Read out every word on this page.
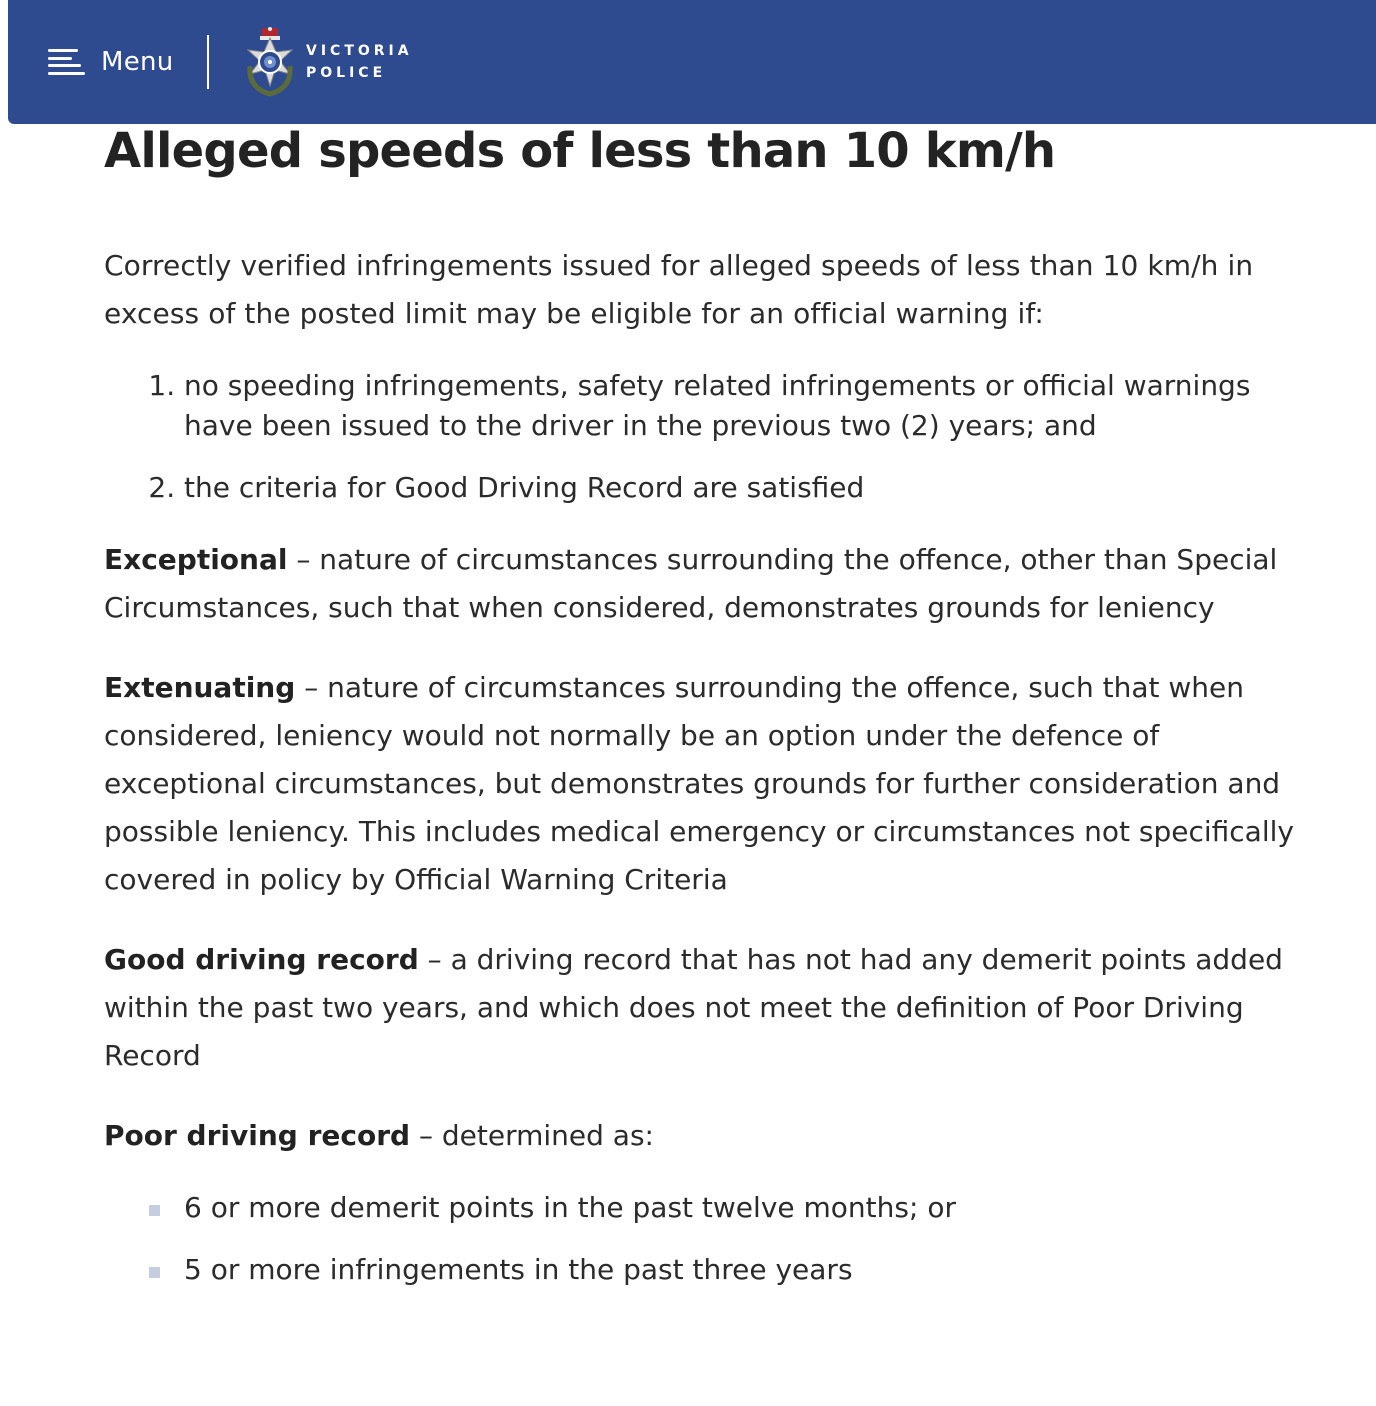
Menu	VICTORIA
POLICE
Alleged speeds of less than 10 km/h

Correctly verified infringements issued for alleged speeds of less than 10 km/h in excess of the posted limit may be eligible for an official warning if:

1. no speeding infringements, safety related infringements or official warnings have been issued to the driver in the previous two (2) years; and
2. the criteria for Good Driving Record are satisfied

Exceptional – nature of circumstances surrounding the offence, other than Special Circumstances, such that when considered, demonstrates grounds for leniency

Extenuating – nature of circumstances surrounding the offence, such that when considered, leniency would not normally be an option under the defence of exceptional circumstances, but demonstrates grounds for further consideration and possible leniency. This includes medical emergency or circumstances not specifically covered in policy by Official Warning Criteria

Good driving record – a driving record that has not had any demerit points added within the past two years, and which does not meet the definition of Poor Driving Record

Poor driving record – determined as:

6 or more demerit points in the past twelve months; or
5 or more infringements in the past three years
